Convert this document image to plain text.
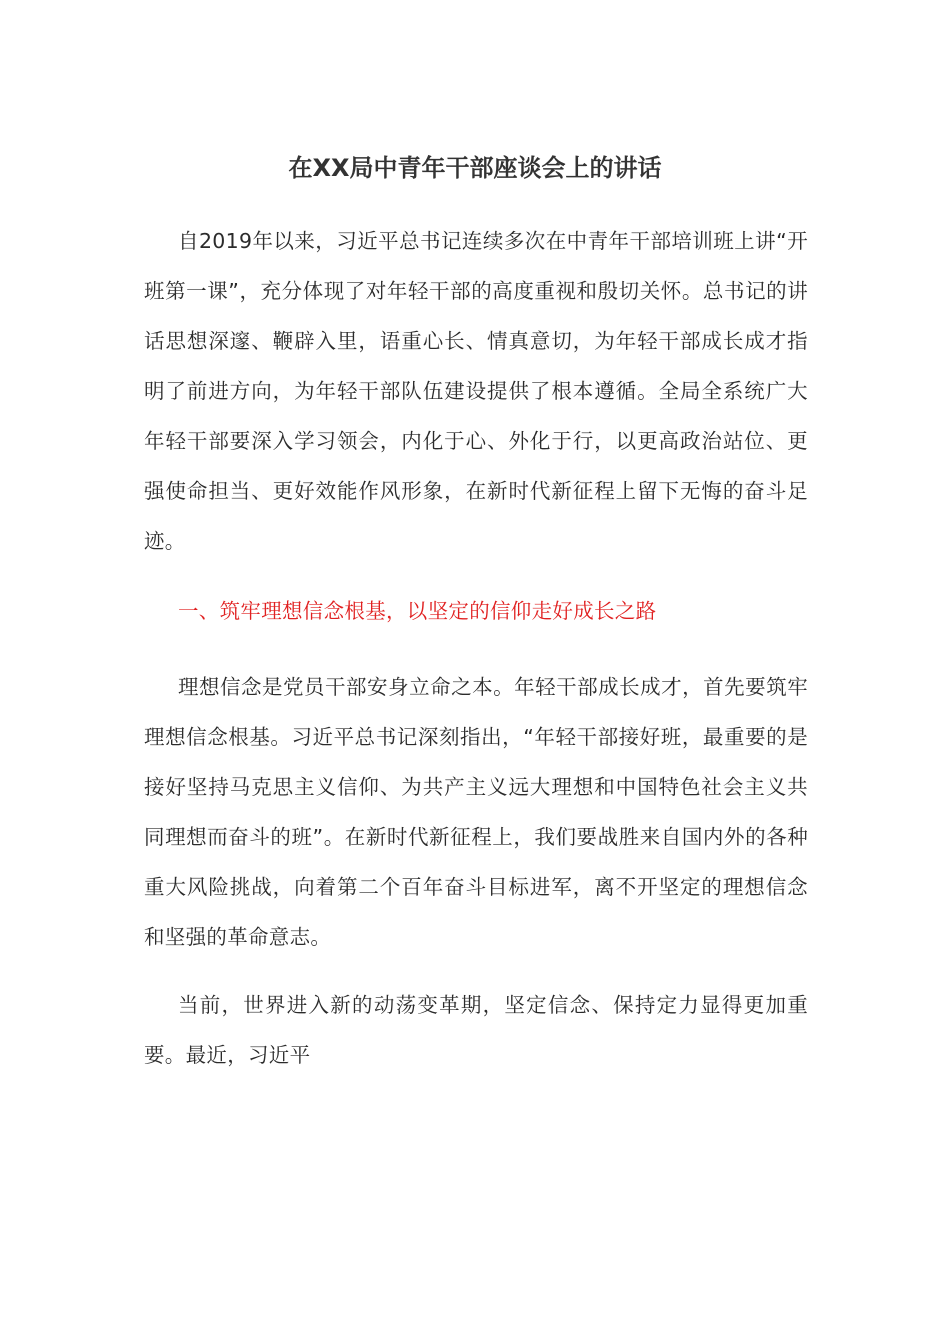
在XX局中青年干部座谈会上的讲话

自2019年以来，习近平总书记连续多次在中青年干部培训班上讲“开班第一课”，充分体现了对年轻干部的高度重视和殷切关怀。总书记的讲话思想深邃、鞭辟入里，语重心长、情真意切，为年轻干部成长成才指明了前进方向，为年轻干部队伍建设提供了根本遵循。全局全系统广大年轻干部要深入学习领会，内化于心、外化于行，以更高政治站位、更强使命担当、更好效能作风形象，在新时代新征程上留下无悔的奋斗足迹。

一、筑牢理想信念根基，以坚定的信仰走好成长之路

理想信念是党员干部安身立命之本。年轻干部成长成才，首先要筑牢理想信念根基。习近平总书记深刻指出，“年轻干部接好班，最重要的是接好坚持马克思主义信仰、为共产主义远大理想和中国特色社会主义共同理想而奋斗的班”。在新时代新征程上，我们要战胜来自国内外的各种重大风险挑战，向着第二个百年奋斗目标进军，离不开坚定的理想信念和坚强的革命意志。

当前，世界进入新的动荡变革期，坚定信念、保持定力显得更加重要。最近，习近平
